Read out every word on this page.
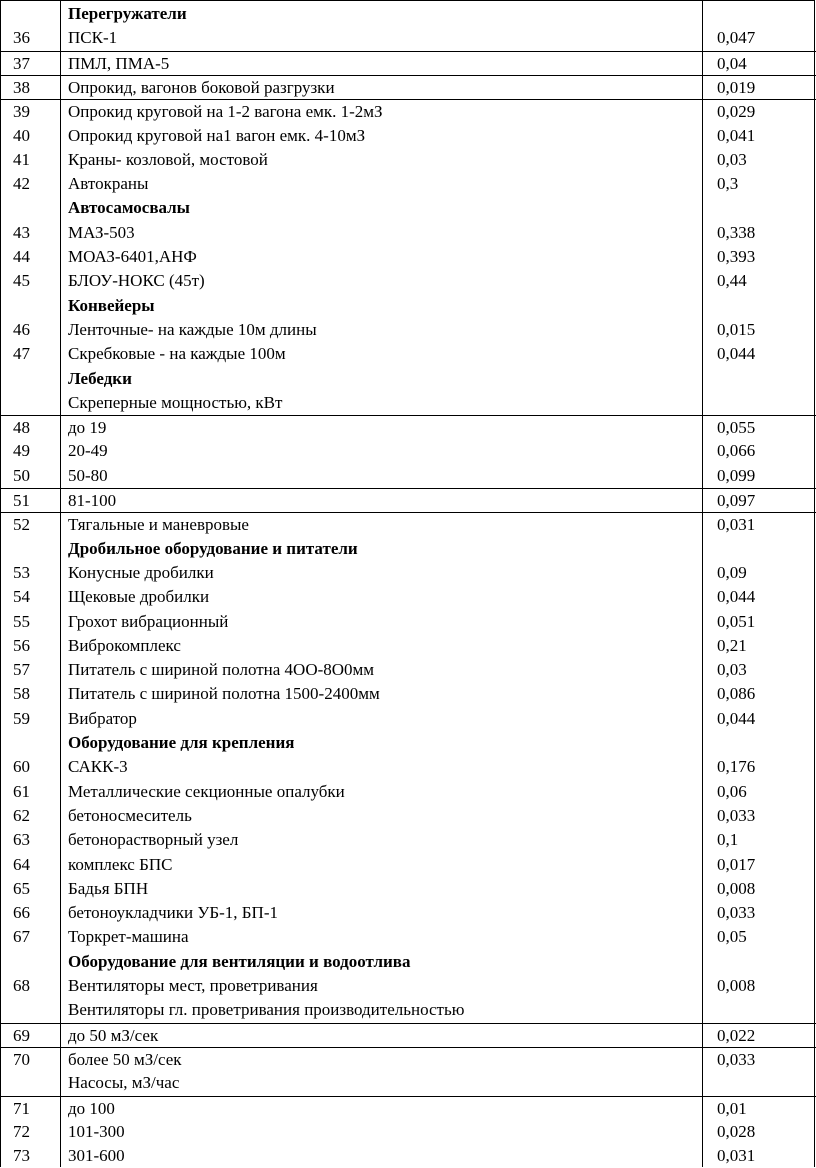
Перегружатели
36	ПСК-1	0,047
37	ПМЛ, ПМА-5	0,04
38	Опрокид, вагонов боковой разгрузки	0,019
39	Опрокид круговой на 1-2 вагона емк. 1-2мЗ	0,029
40	Опрокид круговой на1 вагон емк. 4-10мЗ	0,041
41	Краны- козловой, мостовой	0,03
42	Автокраны	0,3
Автосамосвалы
43	МАЗ-503	0,338
44	МОАЗ-6401,АНФ	0,393
45	БЛОУ-НОКС (45т)	0,44
Конвейеры
46	Ленточные- на каждые 10м длины	0,015
47	Скребковые - на каждые 100м	0,044
Лебедки
Скреперные мощностью, кВт
48	до 19	0,055
49	20-49	0,066
50	50-80	0,099
51	81-100	0,097
52	Тягальные и маневровые	0,031
Дробильное оборудование и питатели
53	Конусные дробилки	0,09
54	Щековые дробилки	0,044
55	Грохот вибрационный	0,051
56	Виброкомплекс	0,21
57	Питатель с шириной полотна 4ОО-8О0мм	0,03
58	Питатель с шириной полотна 1500-2400мм	0,086
59	Вибратор	0,044
Оборудование для крепления
60	САКК-3	0,176
61	Металлические секционные опалубки	0,06
62	бетоносмеситель	0,033
63	бетонорастворный узел	0,1
64	комплекс БПС	0,017
65	Бадья БПН	0,008
66	бетоноукладчики УБ-1, БП-1	0,033
67	Торкрет-машина	0,05
Оборудование для вентиляции и водоотлива
68	Вентиляторы мест, проветривания	0,008
Вентиляторы гл. проветривания производительностью
69	до 50 мЗ/сек	0,022
70	более 50 мЗ/сек	0,033
Насосы, мЗ/час
71	до 100	0,01
72	101-300	0,028
73	301-600	0,031
